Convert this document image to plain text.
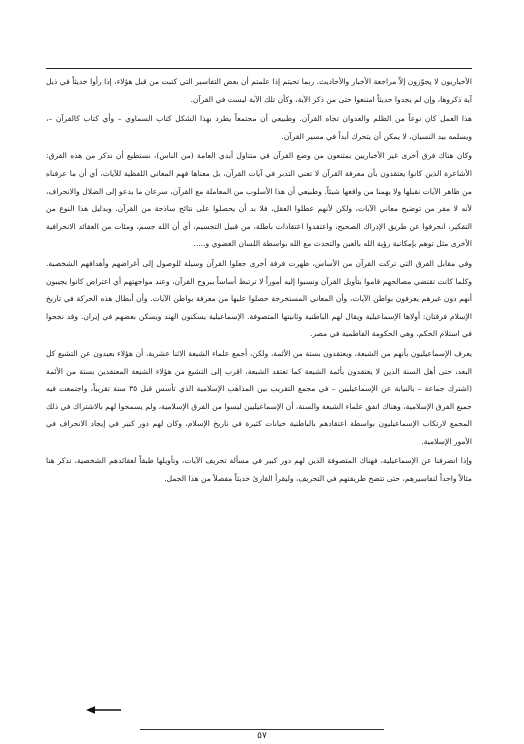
الأخباريون لا يجوّزون إلاّ مراجعة الأخبار والأحاديث. ربما تحيتم إذا علمتم أن بعض التفاسير التي كتبت من قبل هؤلاء، إذا رأوا حديثاً في ذيل آية ذكروها، وإن لم يجدوا حديثاً امتنعوا حتى من ذكر الآية، وكأن تلك الآية ليست في القرآن.

هذا العمل كان نوعاً من الظلم والعدوان تجاه القرآن. وطبيعي أن مجتمعاً يطرد بهذا الشكل كتاب السماوي – وأي كتاب كالقرآن –، ويسلمه بيد النسيان، لا يمكن أن يتحرك أبداً في مسير القرآن.

وكان هناك فرق أخرى غير الأخباريين يمتنعون من وضع القرآن في متناول أيدي العامة (من الناس)، نستطيع أن نذكر من هذه الفرق: الأشاعرة الذين كانوا يعتقدون بأن معرفة القرآن لا تعني التدبر في آيات القرآن، بل معناها فهم المعاني اللفظية للآيات، أي أن ما عرفناه من ظاهر الآيات نقبلها ولا يهمنا من واقعها شيئاً. وطبيعي أن هذا الأسلوب من المعاملة مع القرآن، سرعان ما يدعو إلى الضلال والانحراف، لأنه لا مفر من توضيح معاني الآيات، ولكن لأنهم عطلوا العقل، فلا بد أن يحصلوا على نتائج ساذجة من القرآن. وبدليل هذا النوع من التفكير، انحرفوا عن طريق الإدراك الصحيح، واعتقدوا اعتقادات باطلة، من قبيل التجسيم، أي أن الله جسم، ومئات من العقائد الانحرافية الأخرى مثل توهم بإمكانية رؤية الله بالعين والتحدث مع الله بواسطة اللسان العضوي و.....

وفي مقابل الفرق التي تركت القرآن من الأساس، ظهرت فرقة أخرى جعلوا القرآن وسيلة للوصول إلى أغراضهم وأهدافهم الشخصية. وكلما كانت تقتضي مصالحهم قاموا بتأويل القرآن ونسبوا إليه أموراً لا ترتبط أساساً ببروح القرآن، وعند مواجهتهم أي اعتراض كانوا يجيبون أنهم دون غيرهم يعرفون بواطن الآيات، وأن المعاني المستخرجة حصلوا عليها من معرفة بواطن الآيات. وأن أبطال هذه الحركة في تاريخ الإسلام فرقتان: أولاها الإسماعيلية ويقال لهم الباطنية وثانيتها المتصوفة. الإسماعيلية يسكنون الهند ويسكن بعضهم في إيران. وقد نجحوا في استلام الحكم، وهي الحكومة الفاطمية في مصر.

يعرف الإسماعيليون بأنهم من الشيعة، ويعتقدون بستة من الأئمة، ولكن، أجمع علماء الشيعة الاثنا عشرية، أن هؤلاء بعيدون عن التشيع كل البعد، حتى أهل السنة الذين لا يعتقدون بأئمة الشيعة كما تعتقد الشيعة، اقرب إلى التشيع من هؤلاء الشيعة المعتقدين بستة من الأئمة (اشترك جماعة – بالنيابة عن الإسماعيليين – في مجمع التقريب بين المذاهب الإسلامية الذي تأسس قبل ٣٥ سنة تقريباً، واجتمعت فيه جميع الفرق الإسلامية، وهناك اتفق علماء الشيعة والسنة، أن الإسماعيليين ليسوا من الفرق الإسلامية، ولم يسمحوا لهم بالاشتراك في ذلك المجمع لارتكاب الإسماعيليون بواسطة اعتقادهم بالباطنية خيانات كثيرة في تاريخ الإسلام، وكان لهم دور كبير في إيجاد الانحراف في الأمور الإسلامية.

وإذا انصرفنا عن الإسماعيلية، فهناك المتصوفة الذين لهم دور كبير في مسألة تحريف الآيات، وتأويلها طبقاً لعقائدهم الشخصية، نذكر هنا مثالاً واحداً لتفاسيرهم، حتى تتضح طريقتهم في التحريف، وليقرأ القارئ حديثاً مفصلاً من هذا الجمل.

٥٧
